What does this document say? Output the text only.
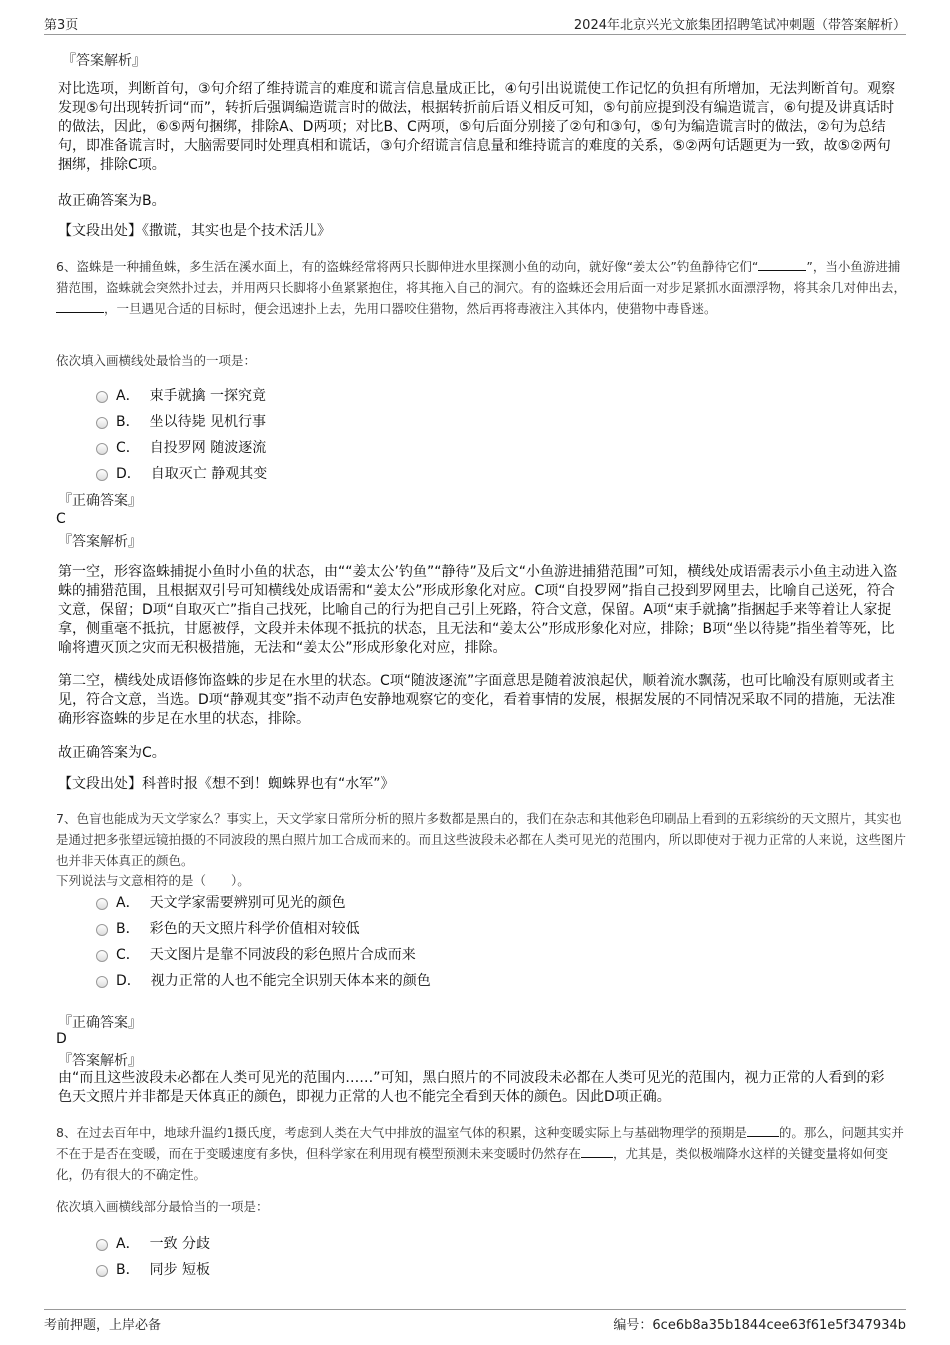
第3页	2024年北京兴光文旅集团招聘笔试冲刺题（带答案解析）
『答案解析』
对比选项，判断首句，③句介绍了维持谎言的难度和谎言信息量成正比，④句引出说谎使工作记忆的负担有所增加，无法判断首句。观察发现⑤句出现转折词“而”，转折后强调编造谎言时的做法，根据转折前后语义相反可知，⑤句前应提到没有编造谎言，⑥句提及讲真话时的做法，因此，⑥⑤两句捆绑，排除A、D两项；对比B、C两项，⑤句后面分别接了②句和③句，⑤句为编造谎言时的做法，②句为总结句，即准备谎言时，大脑需要同时处理真相和谎话，③句介绍谎言信息量和维持谎言的难度的关系，⑤②两句话题更为一致，故⑤②两句捆绑，排除C项。
故正确答案为B。
【文段出处】《撒谎，其实也是个技术活儿》
6、盗蛛是一种捕鱼蛛，多生活在溪水面上，有的盗蛛经常将两只长脚伸进水里探测小鱼的动向，就好像“姜太公”钓鱼静待它们“	”，当小鱼游进捕猎范围，盗蛛就会突然扑过去，并用两只长脚将小鱼紧紧抱住，将其拖入自己的洞穴。有的盗蛛还会用后面一对步足紧抓水面漂浮物，将其余几对伸出去，，一旦遇见合适的目标时，便会迅速扑上去，先用口器咬住猎物，然后再将毒液注入其体内，使猎物中毒昏迷。
依次填入画横线处最恰当的一项是：
A． 束手就擒 一探究竟
B． 坐以待毙 见机行事
C． 自投罗网 随波逐流
D． 自取灭亡 静观其变
『正确答案』
C
『答案解析』
第一空，形容盗蛛捕捉小鱼时小鱼的状态，由““姜太公’钓鱼”“静待”及后文“小鱼游进捕猎范围”可知，横线处成语需表示小鱼主动进入盗蛛的捕猎范围，且根据双引号可知横线处成语需和“姜太公”形成形象化对应。C项“自投罗网”指自己投到罗网里去，比喻自己送死，符合文意，保留；D项“自取灭亡”指自己找死，比喻自己的行为把自己引上死路，符合文意，保留。A项“束手就擒”指捆起手来等着让人家捉拿，侧重毫不抵抗，甘愿被俘，文段并未体现不抵抗的状态，且无法和“姜太公”形成形象化对应，排除；B项“坐以待毙”指坐着等死，比喻将遭灭顶之灾而无积极措施，无法和“姜太公”形成形象化对应，排除。
第二空，横线处成语修饰盗蛛的步足在水里的状态。C项“随波逐流”字面意思是随着波浪起伏，顺着流水飘荡，也可比喻没有原则或者主见，符合文意，当选。D项“静观其变”指不动声色安静地观察它的变化，看着事情的发展，根据发展的不同情况采取不同的措施，无法准确形容盗蛛的步足在水里的状态，排除。
故正确答案为C。
【文段出处】科普时报《想不到！蜘蛛界也有“水军”》
7、色盲也能成为天文学家么？事实上，天文学家日常所分析的照片多数都是黑白的，我们在杂志和其他彩色印刷品上看到的五彩缤纷的天文照片，其实也是通过把多张望远镜拍摄的不同波段的黑白照片加工合成而来的。而且这些波段未必都在人类可见光的范围内，所以即使对于视力正常的人来说，这些图片也并非天体真正的颜色。
下列说法与文意相符的是（　　）。
A． 天文学家需要辨别可见光的颜色
B． 彩色的天文照片科学价值相对较低
C． 天文图片是靠不同波段的彩色照片合成而来
D． 视力正常的人也不能完全识别天体本来的颜色
『正确答案』
D
『答案解析』
由“而且这些波段未必都在人类可见光的范围内……”可知，黑白照片的不同波段未必都在人类可见光的范围内，视力正常的人看到的彩色天文照片并非都是天体真正的颜色，即视力正常的人也不能完全看到天体的颜色。因此D项正确。
8、在过去百年中，地球升温约1摄氏度，考虑到人类在大气中排放的温室气体的积累，这种变暖实际上与基础物理学的预期是	的。那么，问题其实并不在于是否在变暖，而在于变暖速度有多快，但科学家在利用现有模型预测未来变暖时仍然存在	，尤其是，类似极端降水这样的关键变量将如何变化，仍有很大的不确定性。
依次填入画横线部分最恰当的一项是：
A． 一致 分歧
B． 同步 短板
考前押题，上岸必备	编号：6ce6b8a35b1844cee63f61e5f347934b
